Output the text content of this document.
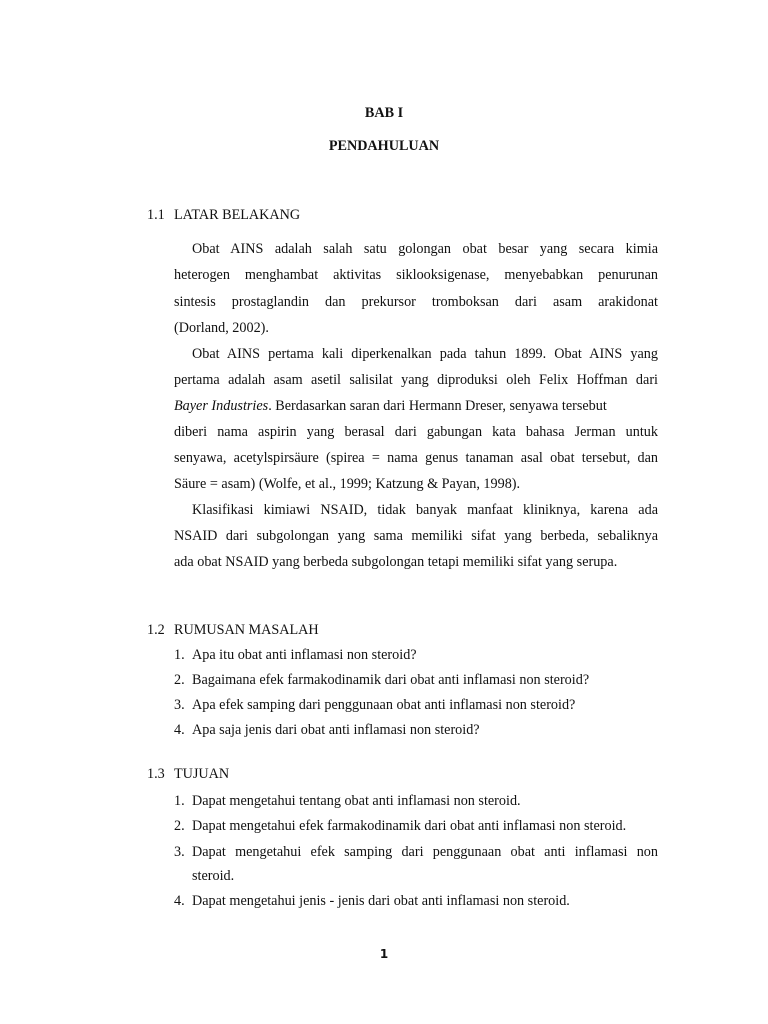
BAB I
PENDAHULUAN
1.1 LATAR BELAKANG
Obat AINS adalah salah satu golongan obat besar yang secara kimia
heterogen menghambat aktivitas siklooksigenase, menyebabkan penurunan
sintesis prostaglandin dan prekursor tromboksan dari asam arakidonat
(Dorland, 2002).
Obat AINS pertama kali diperkenalkan pada tahun 1899. Obat AINS yang
pertama adalah asam asetil salisilat yang diproduksi oleh Felix Hoffman dari
Bayer Industries. Berdasarkan saran dari Hermann Dreser, senyawa tersebut
diberi nama aspirin yang berasal dari gabungan kata bahasa Jerman untuk
senyawa, acetylspirsäure (spirea = nama genus tanaman asal obat tersebut, dan
Säure = asam) (Wolfe, et al., 1999; Katzung & Payan, 1998).
Klasifikasi kimiawi NSAID, tidak banyak manfaat kliniknya, karena ada
NSAID dari subgolongan yang sama memiliki sifat yang berbeda, sebaliknya
ada obat NSAID yang berbeda subgolongan tetapi memiliki sifat yang serupa.
1.2 RUMUSAN MASALAH
1. Apa itu obat anti inflamasi non steroid?
2. Bagaimana efek farmakodinamik dari obat anti inflamasi non steroid?
3. Apa efek samping dari penggunaan obat anti inflamasi non steroid?
4. Apa saja jenis dari obat anti inflamasi non steroid?
1.3 TUJUAN
1. Dapat mengetahui tentang obat anti inflamasi non steroid.
2. Dapat mengetahui efek farmakodinamik dari obat anti inflamasi non steroid.
3. Dapat mengetahui efek samping dari penggunaan obat anti inflamasi non
steroid.
4. Dapat mengetahui jenis - jenis dari obat anti inflamasi non steroid.
1
